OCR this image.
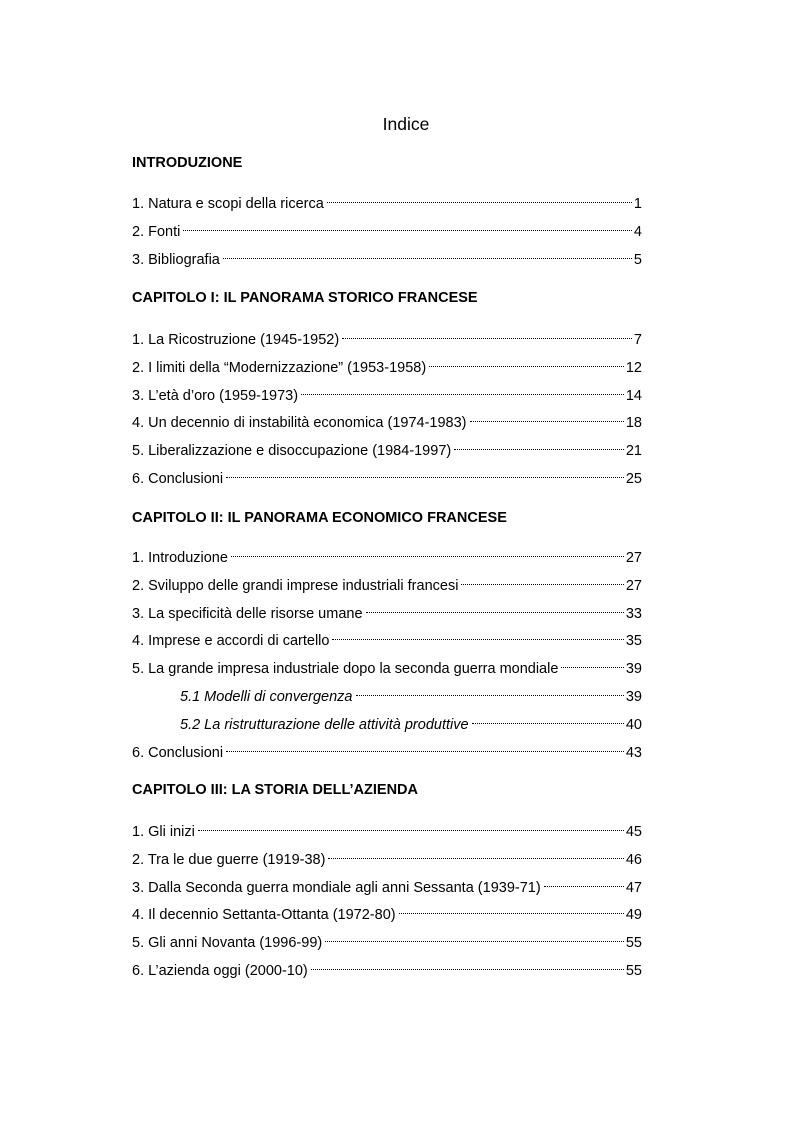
Indice
INTRODUZIONE
1. Natura e scopi della ricerca	1
2. Fonti	4
3. Bibliografia	5
CAPITOLO I: IL PANORAMA STORICO FRANCESE
1. La Ricostruzione (1945-1952)	7
2. I limiti della “Modernizzazione” (1953-1958)	12
3. L’età d’oro (1959-1973)	14
4. Un decennio di instabilità economica (1974-1983)	18
5. Liberalizzazione e disoccupazione (1984-1997)	21
6. Conclusioni	25
CAPITOLO II: IL PANORAMA ECONOMICO FRANCESE
1. Introduzione	27
2. Sviluppo delle grandi imprese industriali francesi	27
3. La specificità delle risorse umane	33
4. Imprese e accordi di cartello	35
5. La grande impresa industriale dopo la seconda guerra mondiale	39
5.1 Modelli di convergenza	39
5.2 La ristrutturazione delle attività produttive	40
6. Conclusioni	43
CAPITOLO III: LA STORIA DELL’AZIENDA
1. Gli inizi	45
2. Tra le due guerre (1919-38)	46
3. Dalla Seconda guerra mondiale agli anni Sessanta (1939-71)	47
4. Il decennio Settanta-Ottanta (1972-80)	49
5. Gli anni Novanta (1996-99)	55
6. L’azienda oggi (2000-10)	55
